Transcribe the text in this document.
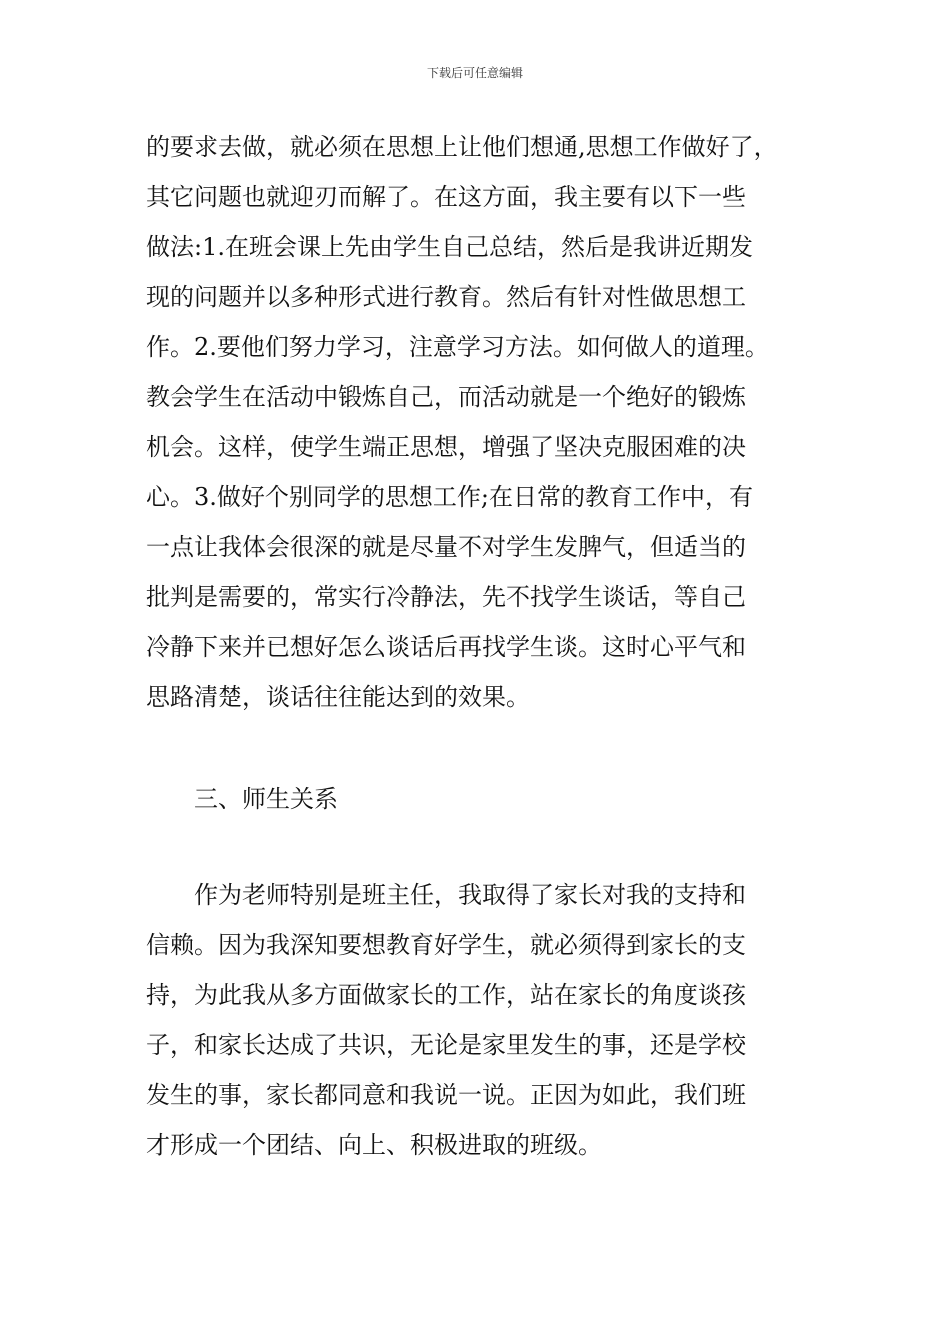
下载后可任意编辑
的要求去做，就必须在思想上让他们想通,思想工作做好了，
其它问题也就迎刃而解了。在这方面，我主要有以下一些
做法:1.在班会课上先由学生自己总结，然后是我讲近期发
现的问题并以多种形式进行教育。然后有针对性做思想工
作。2.要他们努力学习，注意学习方法。如何做人的道理。
教会学生在活动中锻炼自己，而活动就是一个绝好的锻炼
机会。这样，使学生端正思想，增强了坚决克服困难的决
心。3.做好个别同学的思想工作;在日常的教育工作中，有
一点让我体会很深的就是尽量不对学生发脾气，但适当的
批判是需要的，常实行冷静法，先不找学生谈话，等自己
冷静下来并已想好怎么谈话后再找学生谈。这时心平气和
思路清楚，谈话往往能达到的效果。
三、师生关系
作为老师特别是班主任，我取得了家长对我的支持和
信赖。因为我深知要想教育好学生，就必须得到家长的支
持，为此我从多方面做家长的工作，站在家长的角度谈孩
子，和家长达成了共识，无论是家里发生的事，还是学校
发生的事，家长都同意和我说一说。正因为如此，我们班
才形成一个团结、向上、积极进取的班级。
